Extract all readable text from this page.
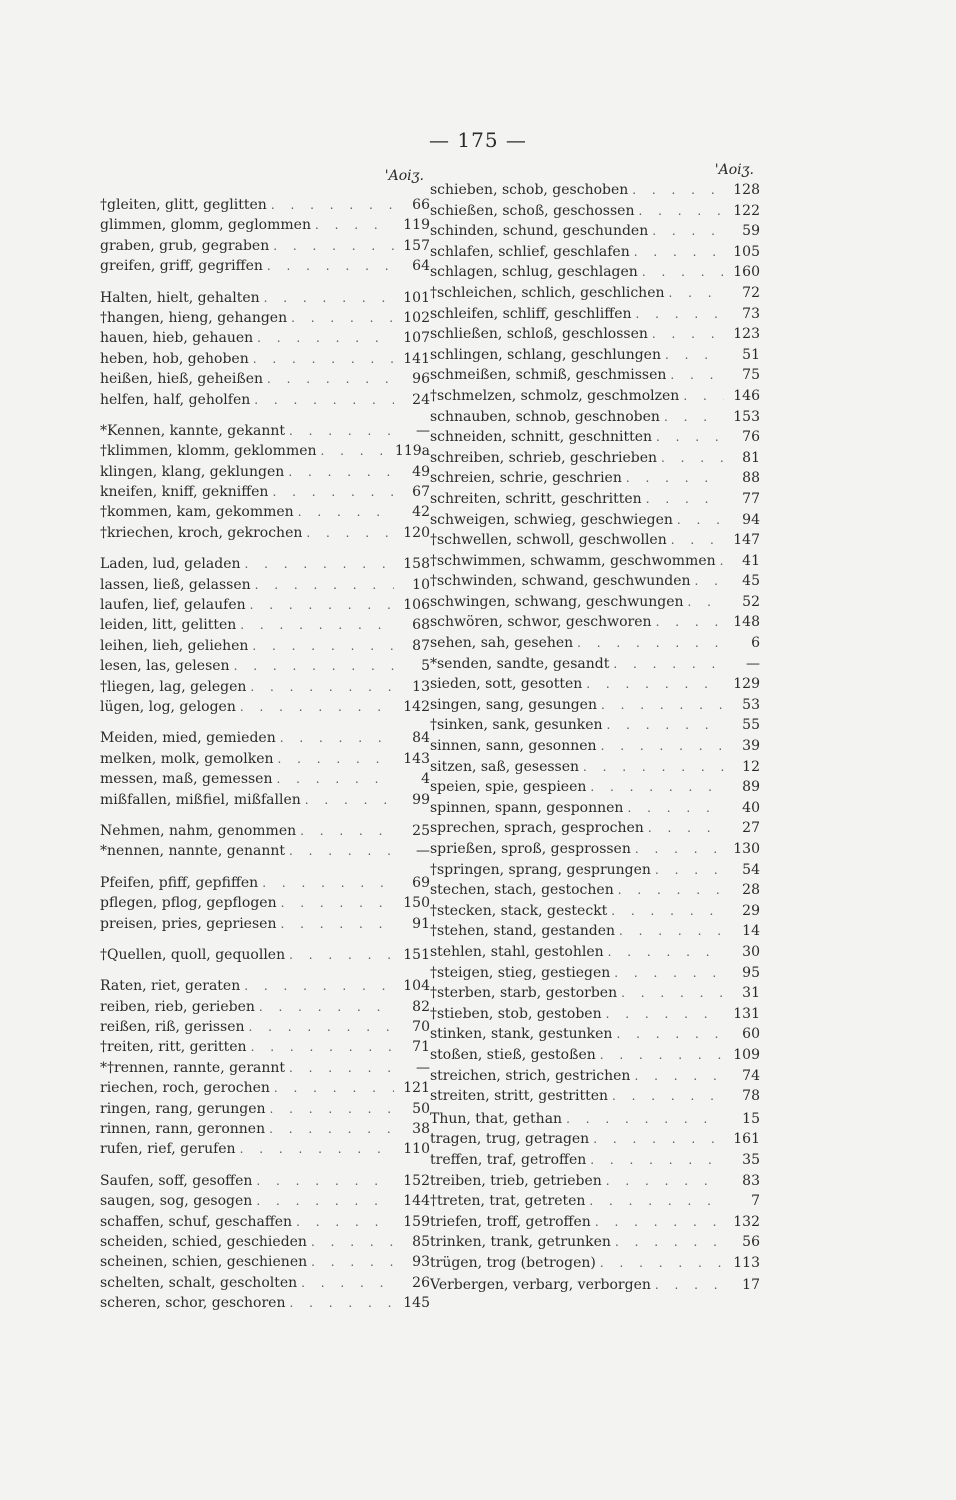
— 175 —
'Aoiʒ.
†gleiten, glitt, geglitten . . .	66
glimmen, glomm, geglommen . . .	119
graben, grub, gegraben . . .	157
greifen, griff, gegriffen . . .	64
Halten, hielt, gehalten . . .	101
†hangen, hieng, gehangen . . .	102
hauen, hieb, gehauen . . .	107
heben, hob, gehoben . . .	141
heißen, hieß, geheißen . . .	96
helfen, half, geholfen . . .	24
*Kennen, kannte, gekannt . . .	—
†klimmen, klomm, geklommen . . .	119a
klingen, klang, geklungen . . .	49
kneifen, kniff, gekniffen . . .	67
†kommen, kam, gekommen . . .	42
†kriechen, kroch, gekrochen . . .	120
Laden, lud, geladen . . .	158
lassen, ließ, gelassen . . .	10
laufen, lief, gelaufen . . .	106
leiden, litt, gelitten . . .	68
leihen, lieh, geliehen . . .	87
lesen, las, gelesen . . .	5
†liegen, lag, gelegen . . .	13
lügen, log, gelogen . . .	142
Meiden, mied, gemieden . . .	84
melken, molk, gemolken . . .	143
messen, maß, gemessen . . .	4
mißfallen, mißfiel, mißfallen . . .	99
Nehmen, nahm, genommen . . .	25
*nennen, nannte, genannt . . .	—
Pfeifen, pfiff, gepfiffen . . .	69
pflegen, pflog, gepflogen . . .	150
preisen, pries, gepriesen . . .	91
†Quellen, quoll, gequollen . . .	151
Raten, riet, geraten . . .	104
reiben, rieb, gerieben . . .	82
reißen, riß, gerissen . . .	70
†reiten, ritt, geritten . . .	71
*†rennen, rannte, gerannt . . .	—
riechen, roch, gerochen . . .	121
ringen, rang, gerungen . . .	50
rinnen, rann, geronnen . . .	38
rufen, rief, gerufen . . .	110
Saufen, soff, gesoffen . . .	152
saugen, sog, gesogen . . .	144
schaffen, schuf, geschaffen . . .	159
scheiden, schied, geschieden . . .	85
scheinen, schien, geschienen . . .	93
schelten, schalt, gescholten . . .	26
scheren, schor, geschoren . . .	145
'Aoiʒ.
schieben, schob, geschoben . . .	128
schießen, schoß, geschossen . . .	122
schinden, schund, geschunden . . .	59
schlafen, schlief, geschlafen . . .	105
schlagen, schlug, geschlagen . . .	160
†schleichen, schlich, geschlichen . . .	72
schleifen, schliff, geschliffen . . .	73
schließen, schloß, geschlossen . . .	123
schlingen, schlang, geschlungen . . .	51
schmeißen, schmiß, geschmissen . . .	75
†schmelzen, schmolz, geschmolzen . . .	146
schnauben, schnob, geschnoben . . .	153
schneiden, schnitt, geschnitten . . .	76
schreiben, schrieb, geschrieben . . .	81
schreien, schrie, geschrien . . .	88
schreiten, schritt, geschritten . . .	77
schweigen, schwieg, geschwiegen . . .	94
†schwellen, schwoll, geschwollen . . .	147
†schwimmen, schwamm, geschwommen . . .	41
†schwinden, schwand, geschwunden . . .	45
schwingen, schwang, geschwungen . . .	52
schwören, schwor, geschworen . . .	148
sehen, sah, gesehen . . .	6
*senden, sandte, gesandt . . .	—
sieden, sott, gesotten . . .	129
singen, sang, gesungen . . .	53
†sinken, sank, gesunken . . .	55
sinnen, sann, gesonnen . . .	39
sitzen, saß, gesessen . . .	12
speien, spie, gespieen . . .	89
spinnen, spann, gesponnen . . .	40
sprechen, sprach, gesprochen . . .	27
sprießen, sproß, gesprossen . . .	130
†springen, sprang, gesprungen . . .	54
stechen, stach, gestochen . . .	28
†stecken, stack, gesteckt . . .	29
†stehen, stand, gestanden . . .	14
stehlen, stahl, gestohlen . . .	30
†steigen, stieg, gestiegen . . .	95
†sterben, starb, gestorben . . .	31
†stieben, stob, gestoben . . .	131
stinken, stank, gestunken . . .	60
stoßen, stieß, gestoßen . . .	109
streichen, strich, gestrichen . . .	74
streiten, stritt, gestritten . . .	78
Thun, that, gethan . . .	15
tragen, trug, getragen . . .	161
treffen, traf, getroffen . . .	35
treiben, trieb, getrieben . . .	83
†treten, trat, getreten . . .	7
triefen, troff, getroffen . . .	132
trinken, trank, getrunken . . .	56
trügen, trog (betrogen) . . .	113
Verbergen, verbarg, verborgen . . .	17
